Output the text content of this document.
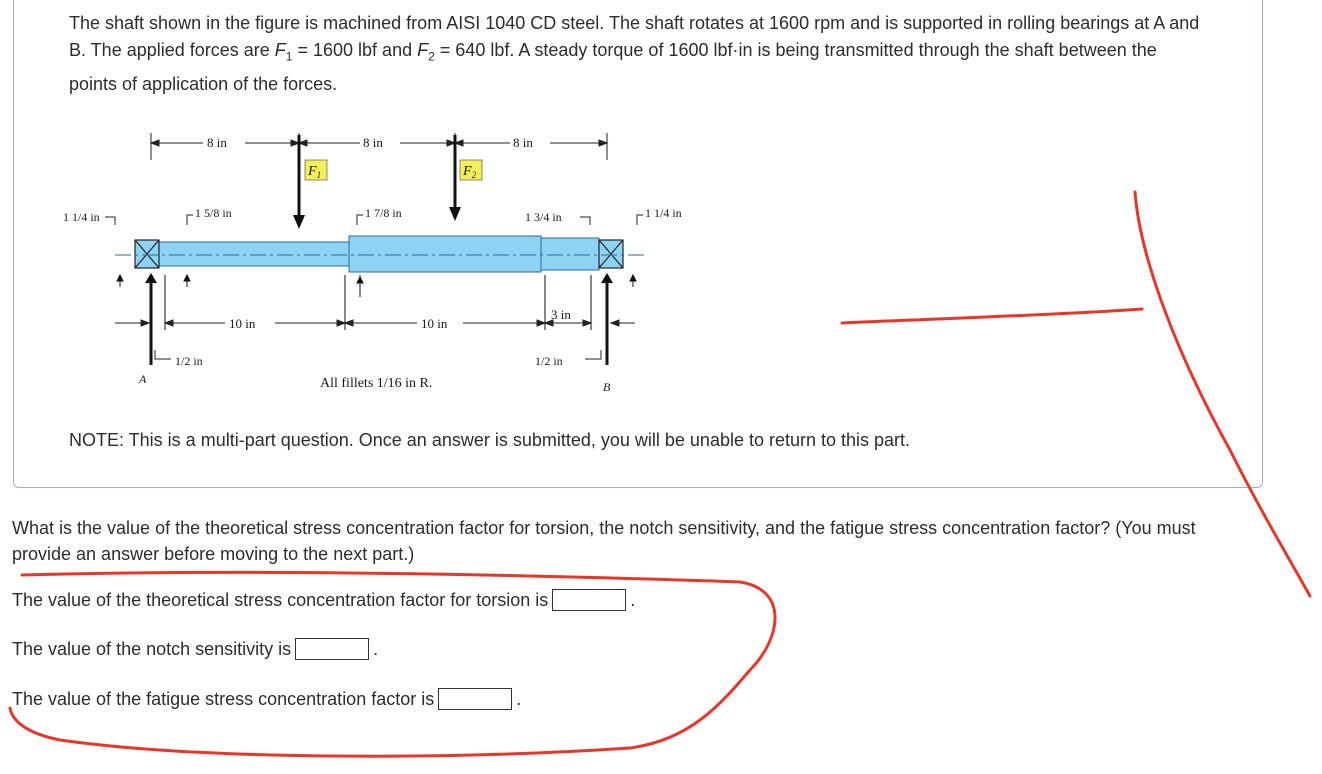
The shaft shown in the figure is machined from AISI 1040 CD steel. The shaft rotates at 1600 rpm and is supported in rolling bearings at A and B. The applied forces are $F_1 = 1600$ lbf and $F_2 = 640$ lbf. A steady torque of 1600 lbf·in is being transmitted through the shaft between the points of application of the forces.

8 in	8 in	8 in
$F_1$	$F_2$
1 1/4 in	1 5/8 in	1 7/8 in	1 3/4 in	1 1/4 in
10 in	10 in
3 in
1/2 in	1/2 in
A
B
All fillets 1/16 in R.

NOTE: This is a multi-part question. Once an answer is submitted, you will be unable to return to this part.

What is the value of the theoretical stress concentration factor for torsion, the notch sensitivity, and the fatigue stress concentration factor? (You must provide an answer before moving to the next part.)

The value of the theoretical stress concentration factor for torsion is	.
The value of the notch sensitivity is	.
The value of the fatigue stress concentration factor is	.
